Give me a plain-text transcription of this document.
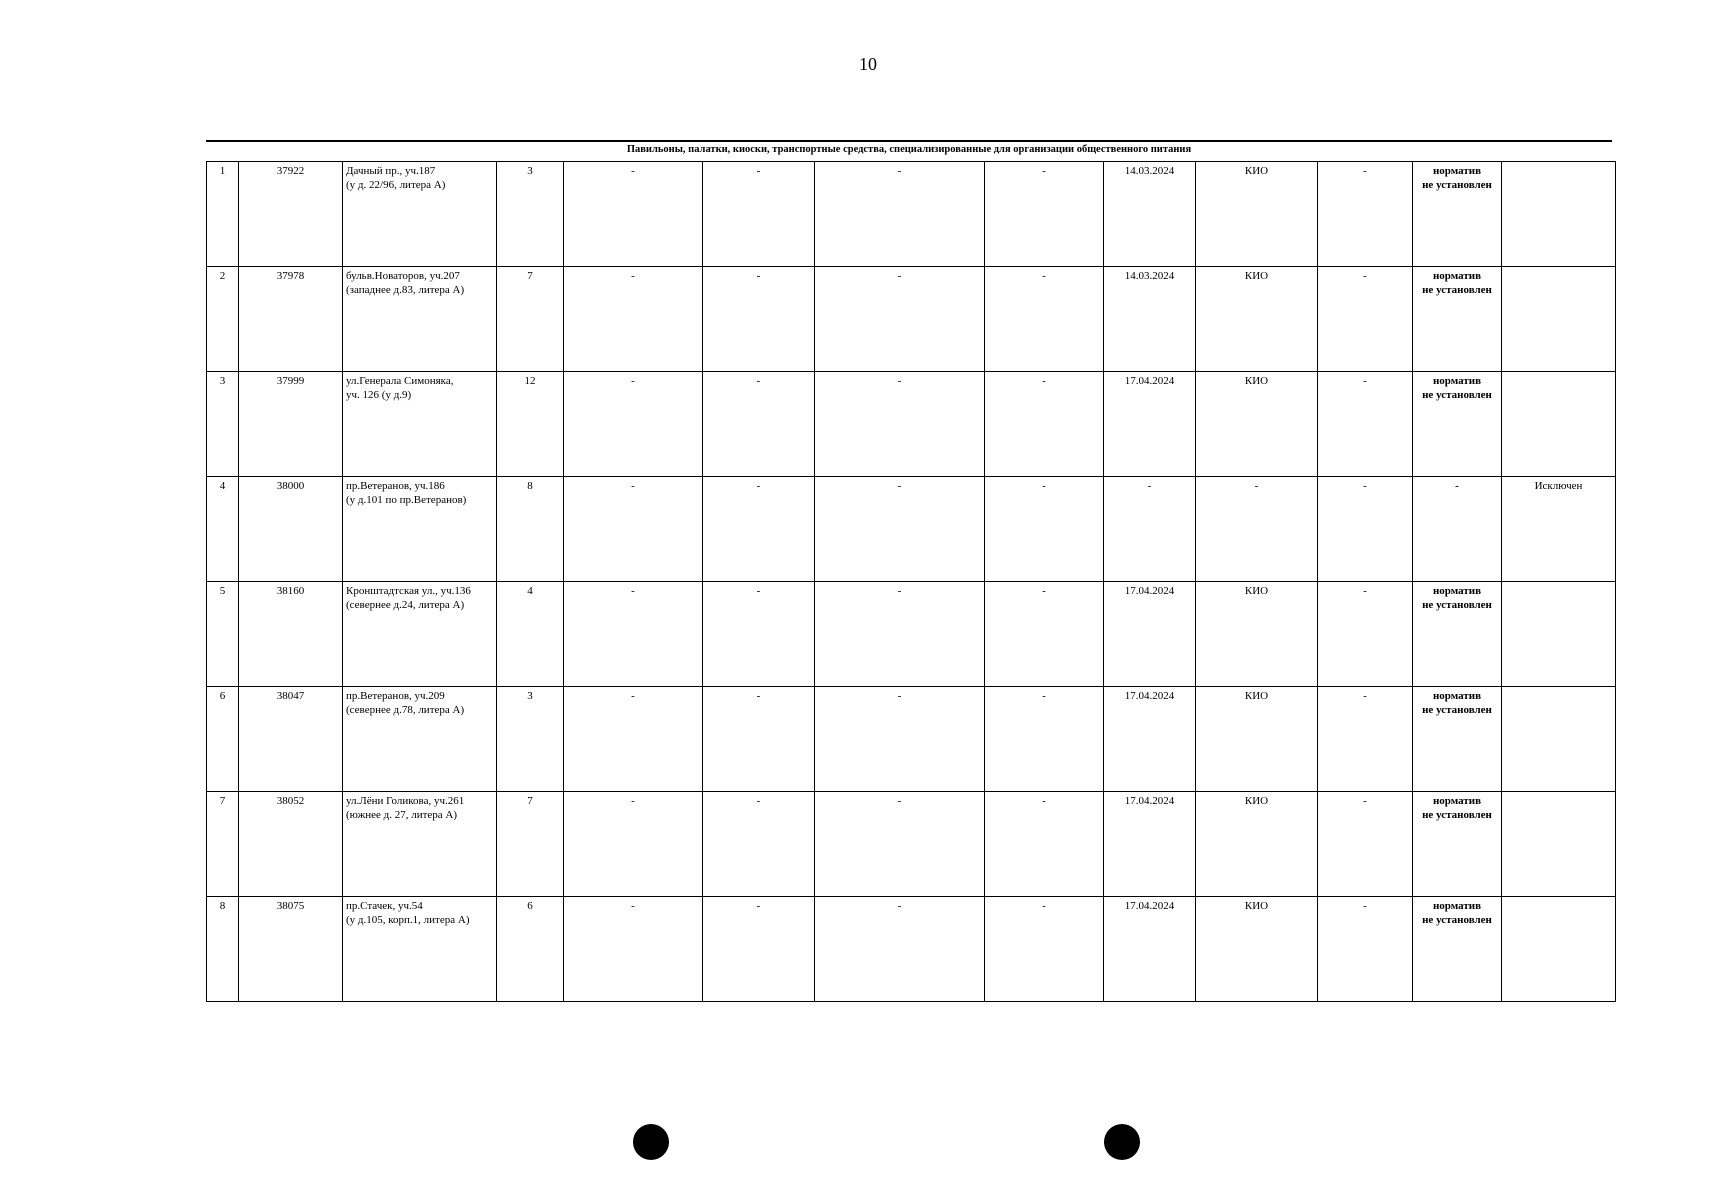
10
Павильоны, палатки, киоски, транспортные средства, специализированные для организации общественного питания
1	37922	Дачный пр., уч.187
(у д. 22/96, литера А)	3	-	-	-	-	14.03.2024	КИО	-	норматив
не установлен	

2	37978	бульв.Новаторов, уч.207
(западнее д.83, литера А)	7	-	-	-	-	14.03.2024	КИО	-	норматив
не установлен	

3	37999	ул.Генерала Симоняка,
уч. 126 (у д.9)	12	-	-	-	-	17.04.2024	КИО	-	норматив
не установлен	

4	38000	пр.Ветеранов, уч.186
(у д.101 по пр.Ветеранов)	8	-	-	-	-	-	-	-	-	Исключен
5	38160	Кронштадтская ул., уч.136
(севернее д.24, литера А)	4	-	-	-	-	17.04.2024	КИО	-	норматив
не установлен	

6	38047	пр.Ветеранов, уч.209
(севернее д.78, литера А)	3	-	-	-	-	17.04.2024	КИО	-	норматив
не установлен	

7	38052	ул.Лёни Голикова, уч.261
(южнее д. 27, литера А)	7	-	-	-	-	17.04.2024	КИО	-	норматив
не установлен	

8	38075	пр.Стачек, уч.54
(у д.105, корп.1, литера А)	6	-	-	-	-	17.04.2024	КИО	-	норматив
не установлен	
